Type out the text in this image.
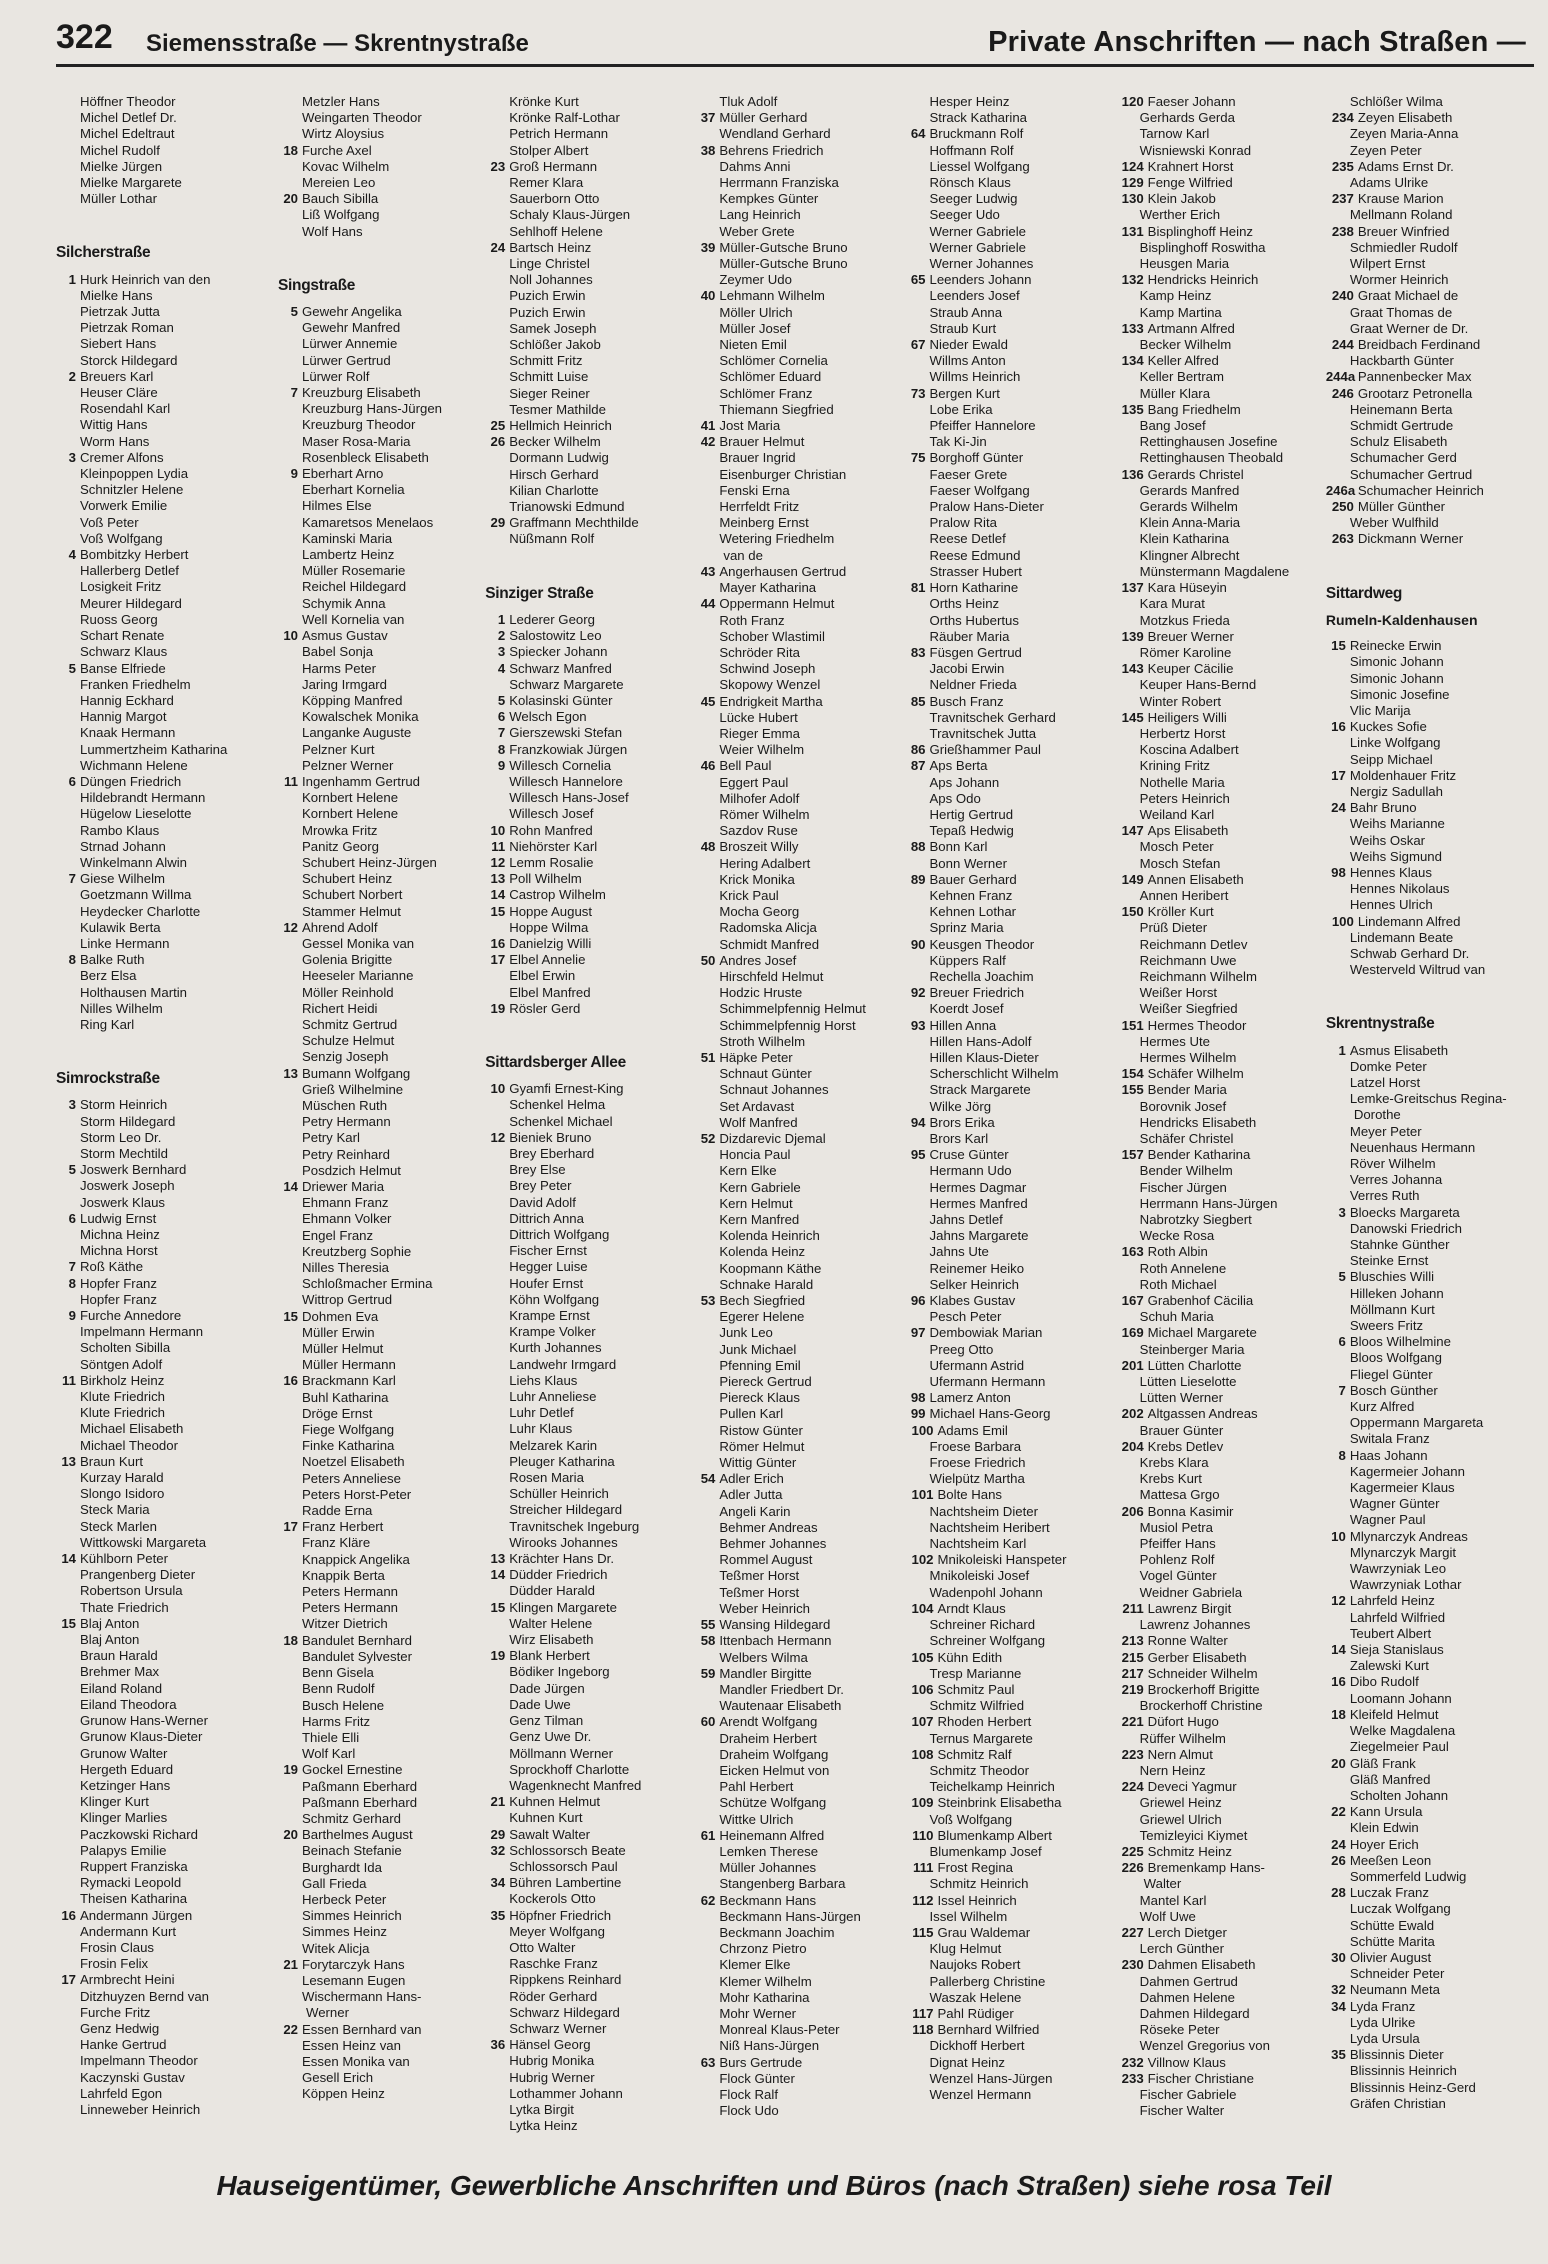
322 Siemensstraße — Skrentnystraße	Private Anschriften — nach Straßen —
Höffner Theodor
Michel Detlef Dr.
Michel Edeltraut
Michel Rudolf
Mielke Jürgen
Mielke Margarete
Müller Lothar
Silcherstraße
1 Hurk Heinrich van den
Mielke Hans
Pietrzak Jutta
Pietrzak Roman
Siebert Hans
Storck Hildegard
2 Breuers Karl
Heuser Cläre
Rosendahl Karl
Wittig Hans
Worm Hans
3 Cremer Alfons
Kleinpoppen Lydia
Schnitzler Helene
Vorwerk Emilie
Voß Peter
Voß Wolfgang
4 Bombitzky Herbert
Hallerberg Detlef
Losigkeit Fritz
Meurer Hildegard
Ruoss Georg
Schart Renate
Schwarz Klaus
5 Banse Elfriede
Franken Friedhelm
Hannig Eckhard
Hannig Margot
Knaak Hermann
Lummertzheim Katharina
Wichmann Helene
6 Düngen Friedrich
Hildebrandt Hermann
Hügelow Lieselotte
Rambo Klaus
Strnad Johann
Winkelmann Alwin
7 Giese Wilhelm
Goetzmann Willma
Heydecker Charlotte
Kulawik Berta
Linke Hermann
8 Balke Ruth
Berz Elsa
Holthausen Martin
Nilles Wilhelm
Ring Karl
Simrockstraße
3 Storm Heinrich
Storm Hildegard
Storm Leo Dr.
Storm Mechtild
5 Joswerk Bernhard
Joswerk Joseph
Joswerk Klaus
6 Ludwig Ernst
Michna Heinz
Michna Horst
7 Roß Käthe
8 Hopfer Franz
Hopfer Franz
9 Furche Annedore
Impelmann Hermann
Scholten Sibilla
Söntgen Adolf
11 Birkholz Heinz
Klute Friedrich
Klute Friedrich
Michael Elisabeth
Michael Theodor
13 Braun Kurt
Kurzay Harald
Slongo Isidoro
Steck Maria
Steck Marlen
Wittkowski Margareta
14 Kühlborn Peter
Prangenberg Dieter
Robertson Ursula
Thate Friedrich
15 Blaj Anton
Blaj Anton
Braun Harald
Brehmer Max
Eiland Roland
Eiland Theodora
Grunow Hans-Werner
Grunow Klaus-Dieter
Grunow Walter
Hergeth Eduard
Ketzinger Hans
Klinger Kurt
Klinger Marlies
Paczkowski Richard
Palapys Emilie
Ruppert Franziska
Rymacki Leopold
Theisen Katharina
16 Andermann Jürgen
Andermann Kurt
Frosin Claus
Frosin Felix
17 Armbrecht Heini
Ditzhuyzen Bernd van
Furche Fritz
Genz Hedwig
Hanke Gertrud
Impelmann Theodor
Kaczynski Gustav
Lahrfeld Egon
Linneweber Heinrich
Metzler Hans
Weingarten Theodor
Wirtz Aloysius
18 Furche Axel
Kovac Wilhelm
Mereien Leo
20 Bauch Sibilla
Liß Wolfgang
Wolf Hans
Singstraße
5 Gewehr Angelika
Gewehr Manfred
Lürwer Annemie
Lürwer Gertrud
Lürwer Rolf
7 Kreuzburg Elisabeth
Kreuzburg Hans-Jürgen
Kreuzburg Theodor
Maser Rosa-Maria
Rosenbleck Elisabeth
9 Eberhart Arno
Eberhart Kornelia
Hilmes Else
Kamaretsos Menelaos
Kaminski Maria
Lambertz Heinz
Müller Rosemarie
Reichel Hildegard
Schymik Anna
Well Kornelia van
10 Asmus Gustav
Babel Sonja
Harms Peter
Jaring Irmgard
Köpping Manfred
Kowalschek Monika
Langanke Auguste
Pelzner Kurt
Pelzner Werner
11 Ingenhamm Gertrud
Kornbert Helene
Kornbert Helene
Mrowka Fritz
Panitz Georg
Schubert Heinz-Jürgen
Schubert Heinz
Schubert Norbert
Stammer Helmut
12 Ahrend Adolf
Gessel Monika van
Golenia Brigitte
Heeseler Marianne
Möller Reinhold
Richert Heidi
Schmitz Gertrud
Schulze Helmut
Senzig Joseph
13 Bumann Wolfgang
Grieß Wilhelmine
Müschen Ruth
Petry Hermann
Petry Karl
Petry Reinhard
Posdzich Helmut
14 Driewer Maria
Ehmann Franz
Ehmann Volker
Engel Franz
Kreutzberg Sophie
Nilles Theresia
Schloßmacher Ermina
Wittrop Gertrud
15 Dohmen Eva
Müller Erwin
Müller Helmut
Müller Hermann
16 Brackmann Karl
Buhl Katharina
Dröge Ernst
Fiege Wolfgang
Finke Katharina
Noetzel Elisabeth
Peters Anneliese
Peters Horst-Peter
Radde Erna
17 Franz Herbert
Franz Kläre
Knappick Angelika
Knappik Berta
Peters Hermann
Peters Hermann
Witzer Dietrich
18 Bandulet Bernhard
Bandulet Sylvester
Benn Gisela
Benn Rudolf
Busch Helene
Harms Fritz
Thiele Elli
Wolf Karl
19 Gockel Ernestine
Paßmann Eberhard
Paßmann Eberhard
Schmitz Gerhard
20 Barthelmes August
Beinach Stefanie
Burghardt Ida
Gall Frieda
Herbeck Peter
Simmes Heinrich
Simmes Heinz
Witek Alicja
21 Forytarczyk Hans
Lesemann Eugen
Wischermann Hans-
Werner
22 Essen Bernhard van
Essen Heinz van
Essen Monika van
Gesell Erich
Köppen Heinz
Krönke Kurt
Krönke Ralf-Lothar
Petrich Hermann
Stolper Albert
23 Groß Hermann
Remer Klara
Sauerborn Otto
Schaly Klaus-Jürgen
Sehlhoff Helene
24 Bartsch Heinz
Linge Christel
Noll Johannes
Puzich Erwin
Puzich Erwin
Samek Joseph
Schlößer Jakob
Schmitt Fritz
Schmitt Luise
Sieger Reiner
Tesmer Mathilde
25 Hellmich Heinrich
26 Becker Wilhelm
Dormann Ludwig
Hirsch Gerhard
Kilian Charlotte
Trianowski Edmund
29 Graffmann Mechthilde
Nüßmann Rolf
Sinziger Straße
1 Lederer Georg
2 Salostowitz Leo
3 Spiecker Johann
4 Schwarz Manfred
Schwarz Margarete
5 Kolasinski Günter
6 Welsch Egon
7 Gierszewski Stefan
8 Franzkowiak Jürgen
9 Willesch Cornelia
Willesch Hannelore
Willesch Hans-Josef
Willesch Josef
10 Rohn Manfred
11 Niehörster Karl
12 Lemm Rosalie
13 Poll Wilhelm
14 Castrop Wilhelm
15 Hoppe August
Hoppe Wilma
16 Danielzig Willi
17 Elbel Annelie
Elbel Erwin
Elbel Manfred
19 Rösler Gerd
Sittardsberger Allee
10 Gyamfi Ernest-King
Schenkel Helma
Schenkel Michael
12 Bieniek Bruno
Brey Eberhard
Brey Else
Brey Peter
David Adolf
Dittrich Anna
Dittrich Wolfgang
Fischer Ernst
Hegger Luise
Houfer Ernst
Köhn Wolfgang
Krampe Ernst
Krampe Volker
Kurth Johannes
Landwehr Irmgard
Liehs Klaus
Luhr Anneliese
Luhr Detlef
Luhr Klaus
Melzarek Karin
Pleuger Katharina
Rosen Maria
Schüller Heinrich
Streicher Hildegard
Travnitschek Ingeburg
Wirooks Johannes
13 Krächter Hans Dr.
14 Düdder Friedrich
Düdder Harald
15 Klingen Margarete
Walter Helene
Wirz Elisabeth
19 Blank Herbert
Bödiker Ingeborg
Dade Jürgen
Dade Uwe
Genz Tilman
Genz Uwe Dr.
Möllmann Werner
Sprockhoff Charlotte
Wagenknecht Manfred
21 Kuhnen Helmut
Kuhnen Kurt
29 Sawalt Walter
32 Schlossorsch Beate
Schlossorsch Paul
34 Bühren Lambertine
Kockerols Otto
35 Höpfner Friedrich
Meyer Wolfgang
Otto Walter
Raschke Franz
Rippkens Reinhard
Röder Gerhard
Schwarz Hildegard
Schwarz Werner
36 Hänsel Georg
Hubrig Monika
Hubrig Werner
Lothammer Johann
Lytka Birgit
Lytka Heinz
Tluk Adolf
37 Müller Gerhard
Wendland Gerhard
38 Behrens Friedrich
Dahms Anni
Herrmann Franziska
Kempkes Günter
Lang Heinrich
Weber Grete
39 Müller-Gutsche Bruno
Müller-Gutsche Bruno
Zeymer Udo
40 Lehmann Wilhelm
Möller Ulrich
Müller Josef
Nieten Emil
Schlömer Cornelia
Schlömer Eduard
Schlömer Franz
Thiemann Siegfried
41 Jost Maria
42 Brauer Helmut
Brauer Ingrid
Eisenburger Christian
Fenski Erna
Herrfeldt Fritz
Meinberg Ernst
Wetering Friedhelm
van de
43 Angerhausen Gertrud
Mayer Katharina
44 Oppermann Helmut
Roth Franz
Schober Wlastimil
Schröder Rita
Schwind Joseph
Skopowy Wenzel
45 Endrigkeit Martha
Lücke Hubert
Rieger Emma
Weier Wilhelm
46 Bell Paul
Eggert Paul
Milhofer Adolf
Römer Wilhelm
Sazdov Ruse
48 Broszeit Willy
Hering Adalbert
Krick Monika
Krick Paul
Mocha Georg
Radomska Alicja
Schmidt Manfred
50 Andres Josef
Hirschfeld Helmut
Hodzic Hruste
Schimmelpfennig Helmut
Schimmelpfennig Horst
Stroth Wilhelm
51 Häpke Peter
Schnaut Günter
Schnaut Johannes
Set Ardavast
Wolf Manfred
52 Dizdarevic Djemal
Honcia Paul
Kern Elke
Kern Gabriele
Kern Helmut
Kern Manfred
Kolenda Heinrich
Kolenda Heinz
Koopmann Käthe
Schnake Harald
53 Bech Siegfried
Egerer Helene
Junk Leo
Junk Michael
Pfenning Emil
Piereck Gertrud
Piereck Klaus
Pullen Karl
Ristow Günter
Römer Helmut
Wittig Günter
54 Adler Erich
Adler Jutta
Angeli Karin
Behmer Andreas
Behmer Johannes
Rommel August
Teßmer Horst
Teßmer Horst
Weber Heinrich
55 Wansing Hildegard
58 Ittenbach Hermann
Welbers Wilma
59 Mandler Birgitte
Mandler Friedbert Dr.
Wautenaar Elisabeth
60 Arendt Wolfgang
Draheim Herbert
Draheim Wolfgang
Eicken Helmut von
Pahl Herbert
Schütze Wolfgang
Wittke Ulrich
61 Heinemann Alfred
Lemken Therese
Müller Johannes
Stangenberg Barbara
62 Beckmann Hans
Beckmann Hans-Jürgen
Beckmann Joachim
Chrzonz Pietro
Klemer Elke
Klemer Wilhelm
Mohr Katharina
Mohr Werner
Monreal Klaus-Peter
Niß Hans-Jürgen
63 Burs Gertrude
Flock Günter
Flock Ralf
Flock Udo
Hesper Heinz
Strack Katharina
64 Bruckmann Rolf
Hoffmann Rolf
Liessel Wolfgang
Rönsch Klaus
Seeger Ludwig
Seeger Udo
Werner Gabriele
Werner Gabriele
Werner Johannes
65 Leenders Johann
Leenders Josef
Straub Anna
Straub Kurt
67 Nieder Ewald
Willms Anton
Willms Heinrich
73 Bergen Kurt
Lobe Erika
Pfeiffer Hannelore
Tak Ki-Jin
75 Borghoff Günter
Faeser Grete
Faeser Wolfgang
Pralow Hans-Dieter
Pralow Rita
Reese Detlef
Reese Edmund
Strasser Hubert
81 Horn Katharine
Orths Heinz
Orths Hubertus
Räuber Maria
83 Füsgen Gertrud
Jacobi Erwin
Neldner Frieda
85 Busch Franz
Travnitschek Gerhard
Travnitschek Jutta
86 Grießhammer Paul
87 Aps Berta
Aps Johann
Aps Odo
Hertig Gertrud
Tepaß Hedwig
88 Bonn Karl
Bonn Werner
89 Bauer Gerhard
Kehnen Franz
Kehnen Lothar
Sprinz Maria
90 Keusgen Theodor
Küppers Ralf
Rechella Joachim
92 Breuer Friedrich
Koerdt Josef
93 Hillen Anna
Hillen Hans-Adolf
Hillen Klaus-Dieter
Scherschlicht Wilhelm
Strack Margarete
Wilke Jörg
94 Brors Erika
Brors Karl
95 Cruse Günter
Hermann Udo
Hermes Dagmar
Hermes Manfred
Jahns Detlef
Jahns Margarete
Jahns Ute
Reinemer Heiko
Selker Heinrich
96 Klabes Gustav
Pesch Peter
97 Dembowiak Marian
Preeg Otto
Ufermann Astrid
Ufermann Hermann
98 Lamerz Anton
99 Michael Hans-Georg
100 Adams Emil
Froese Barbara
Froese Friedrich
Wielpütz Martha
101 Bolte Hans
Nachtsheim Dieter
Nachtsheim Heribert
Nachtsheim Karl
102 Mnikoleiski Hanspeter
Mnikoleiski Josef
Wadenpohl Johann
104 Arndt Klaus
Schreiner Richard
Schreiner Wolfgang
105 Kühn Edith
Tresp Marianne
106 Schmitz Paul
Schmitz Wilfried
107 Rhoden Herbert
Ternus Margarete
108 Schmitz Ralf
Schmitz Theodor
Teichelkamp Heinrich
109 Steinbrink Elisabetha
Voß Wolfgang
110 Blumenkamp Albert
Blumenkamp Josef
111 Frost Regina
Schmitz Heinrich
112 Issel Heinrich
Issel Wilhelm
115 Grau Waldemar
Klug Helmut
Naujoks Robert
Pallerberg Christine
Waszak Helene
117 Pahl Rüdiger
118 Bernhard Wilfried
Dickhoff Herbert
Dignat Heinz
Wenzel Hans-Jürgen
Wenzel Hermann
120 Faeser Johann
Gerhards Gerda
Tarnow Karl
Wisniewski Konrad
124 Krahnert Horst
129 Fenge Wilfried
130 Klein Jakob
Werther Erich
131 Bisplinghoff Heinz
Bisplinghoff Roswitha
Heusgen Maria
132 Hendricks Heinrich
Kamp Heinz
Kamp Martina
133 Artmann Alfred
Becker Wilhelm
134 Keller Alfred
Keller Bertram
Müller Klara
135 Bang Friedhelm
Bang Josef
Rettinghausen Josefine
Rettinghausen Theobald
136 Gerards Christel
Gerards Manfred
Gerards Wilhelm
Klein Anna-Maria
Klein Katharina
Klingner Albrecht
Münstermann Magdalene
137 Kara Hüseyin
Kara Murat
Motzkus Frieda
139 Breuer Werner
Römer Karoline
143 Keuper Cäcilie
Keuper Hans-Bernd
Winter Robert
145 Heiligers Willi
Herbertz Horst
Koscina Adalbert
Krining Fritz
Nothelle Maria
Peters Heinrich
Weiland Karl
147 Aps Elisabeth
Mosch Peter
Mosch Stefan
149 Annen Elisabeth
Annen Heribert
150 Kröller Kurt
Prüß Dieter
Reichmann Detlev
Reichmann Uwe
Reichmann Wilhelm
Weißer Horst
Weißer Siegfried
151 Hermes Theodor
Hermes Ute
Hermes Wilhelm
154 Schäfer Wilhelm
155 Bender Maria
Borovnik Josef
Hendricks Elisabeth
Schäfer Christel
157 Bender Katharina
Bender Wilhelm
Fischer Jürgen
Herrmann Hans-Jürgen
Nabrotzky Siegbert
Wecke Rosa
163 Roth Albin
Roth Annelene
Roth Michael
167 Grabenhof Cäcilia
Schuh Maria
169 Michael Margarete
Steinberger Maria
201 Lütten Charlotte
Lütten Lieselotte
Lütten Werner
202 Altgassen Andreas
Brauer Günter
204 Krebs Detlev
Krebs Klara
Krebs Kurt
Mattesa Grgo
206 Bonna Kasimir
Musiol Petra
Pfeiffer Hans
Pohlenz Rolf
Vogel Günter
Weidner Gabriela
211 Lawrenz Birgit
Lawrenz Johannes
213 Ronne Walter
215 Gerber Elisabeth
217 Schneider Wilhelm
219 Brockerhoff Brigitte
Brockerhoff Christine
221 Düfort Hugo
Rüffer Wilhelm
223 Nern Almut
Nern Heinz
224 Deveci Yagmur
Griewel Heinz
Griewel Ulrich
Temizleyici Kiymet
225 Schmitz Heinz
226 Bremenkamp Hans-
Walter
Mantel Karl
Wolf Uwe
227 Lerch Dietger
Lerch Günther
230 Dahmen Elisabeth
Dahmen Gertrud
Dahmen Helene
Dahmen Hildegard
Röseke Peter
Wenzel Gregorius von
232 Villnow Klaus
233 Fischer Christiane
Fischer Gabriele
Fischer Walter
Schlößer Wilma
234 Zeyen Elisabeth
Zeyen Maria-Anna
Zeyen Peter
235 Adams Ernst Dr.
Adams Ulrike
237 Krause Marion
Mellmann Roland
238 Breuer Winfried
Schmiedler Rudolf
Wilpert Ernst
Wormer Heinrich
240 Graat Michael de
Graat Thomas de
Graat Werner de Dr.
244 Breidbach Ferdinand
Hackbarth Günter
244a Pannenbecker Max
246 Grootarz Petronella
Heinemann Berta
Schmidt Gertrude
Schulz Elisabeth
Schumacher Gerd
Schumacher Gertrud
246a Schumacher Heinrich
250 Müller Günther
Weber Wulfhild
263 Dickmann Werner
Sittardweg
Rumeln-Kaldenhausen
15 Reinecke Erwin
Simonic Johann
Simonic Johann
Simonic Josefine
Vlic Marija
16 Kuckes Sofie
Linke Wolfgang
Seipp Michael
17 Moldenhauer Fritz
Nergiz Sadullah
24 Bahr Bruno
Weihs Marianne
Weihs Oskar
Weihs Sigmund
98 Hennes Klaus
Hennes Nikolaus
Hennes Ulrich
100 Lindemann Alfred
Lindemann Beate
Schwab Gerhard Dr.
Westerveld Wiltrud van
Skrentnystraße
1 Asmus Elisabeth
Domke Peter
Latzel Horst
Lemke-Greitschus Regina-
Dorothe
Meyer Peter
Neuenhaus Hermann
Röver Wilhelm
Verres Johanna
Verres Ruth
3 Bloecks Margareta
Danowski Friedrich
Stahnke Günther
Steinke Ernst
5 Bluschies Willi
Hilleken Johann
Möllmann Kurt
Sweers Fritz
6 Bloos Wilhelmine
Bloos Wolfgang
Fliegel Günter
7 Bosch Günther
Kurz Alfred
Oppermann Margareta
Switala Franz
8 Haas Johann
Kagermeier Johann
Kagermeier Klaus
Wagner Günter
Wagner Paul
10 Mlynarczyk Andreas
Mlynarczyk Margit
Wawrzyniak Leo
Wawrzyniak Lothar
12 Lahrfeld Heinz
Lahrfeld Wilfried
Teubert Albert
14 Sieja Stanislaus
Zalewski Kurt
16 Dibo Rudolf
Loomann Johann
18 Kleifeld Helmut
Welke Magdalena
Ziegelmeier Paul
20 Gläß Frank
Gläß Manfred
Scholten Johann
22 Kann Ursula
Klein Edwin
24 Hoyer Erich
26 Meeßen Leon
Sommerfeld Ludwig
28 Luczak Franz
Luczak Wolfgang
Schütte Ewald
Schütte Marita
30 Olivier August
Schneider Peter
32 Neumann Meta
34 Lyda Franz
Lyda Ulrike
Lyda Ursula
35 Blissinnis Dieter
Blissinnis Heinrich
Blissinnis Heinz-Gerd
Gräfen Christian
Hauseigentümer, Gewerbliche Anschriften und Büros (nach Straßen) siehe rosa Teil
